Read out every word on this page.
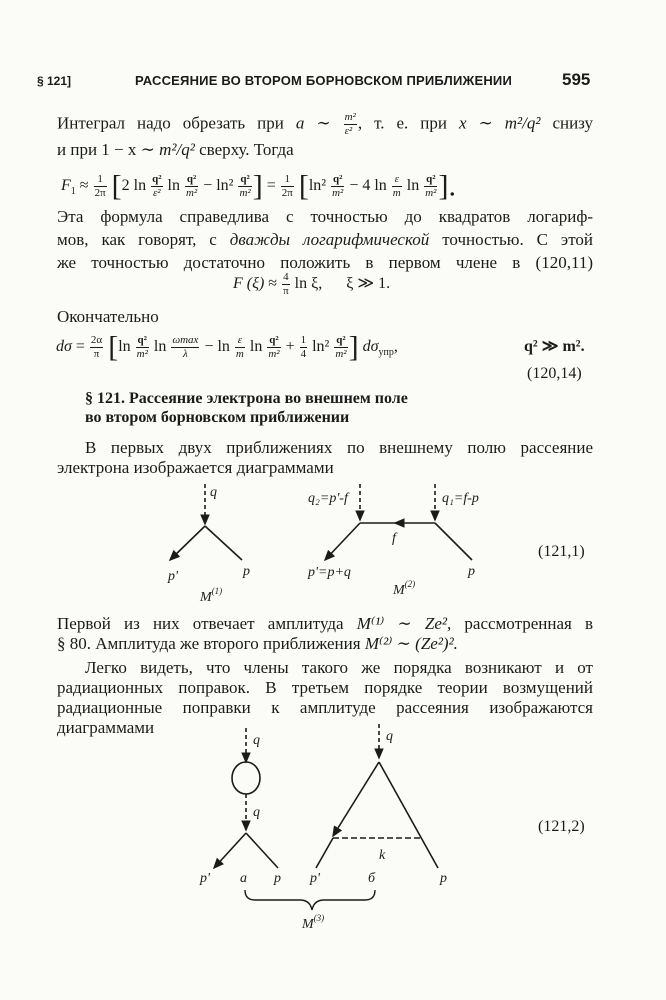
§ 121]	РАССЕЯНИЕ ВО ВТОРОМ БОРНОВСКОМ ПРИБЛИЖЕНИИ	595
Интеграл надо обрезать при a ∼ $\frac{\text{m²}}{\text{ε²}}$ , т. е. при x ∼ m²/q² снизу
и при 1 − x ∼ m²/q² сверху. Тогда
$F_1 \approx \frac{1}{2\pi} [2$ $\ln \frac{\text{q²}}{\text{ε²}}$ $\ln \frac{\text{q²}}{\text{m²}} - \ln^2 \frac{\text{q²}}{\text{m²}}$ ] = $\frac{1}{2\pi} [\ln^2 \frac{\text{q²}}{\text{m²}} - 4$ $\ln \frac{\varepsilon}{m}$ $\ln \frac{\text{q²}}{\text{m²}}$ ].
Эта формула справедлива с точностью до квадратов логариф-
мов, как говорят, с дважды логарифмической точностью. С этой
же точностью достаточно положить в первом члене в (120,11)
F $(\xi) \approx \frac{4}{\pi}$ ln ξ, ξ ≫ 1.
Окончательно
$d\sigma = \frac{2\alpha}{\pi} [\ln \frac{\text{q²}}{\text{m²}}$ $\ln \frac{\omega\max}{\lambda} - \ln \frac{\varepsilon}{m}$ $\ln \frac{\text{q²}}{\text{m²}} + \frac{1}{4} \ln^2 \frac{\text{q²}}{\text{m²}}$ ] $d\sigma_{упр}$,	q² ≫ m².
(120,14)
§ 121. Рассеяние электрона во внешнем поле
во втором борновском приближении
В первых двух приближениях по внешнему полю рассеяние
электрона изображается диаграммами
q
p'	p
$M^{(1)}$
q₂=p'-f	q₁=f-p
f
p'=p+q	p
$M^{(2)}$
(121,1)
Первой из них отвечает амплитуда M⁽¹⁾ ∼ Ze², рассмотренная в
§ 80. Амплитуда же второго приближения M⁽²⁾ ∼ (Ze²)².
Легко видеть, что члены такого же порядка возникают и от
радиационных поправок. В третьем порядке теории возмущений
радиационные поправки к амплитуде рассеяния изображаются
диаграммами
q
q
p' a p
q
k
p'	б	p
$M^{(3)}$
(121,2)
